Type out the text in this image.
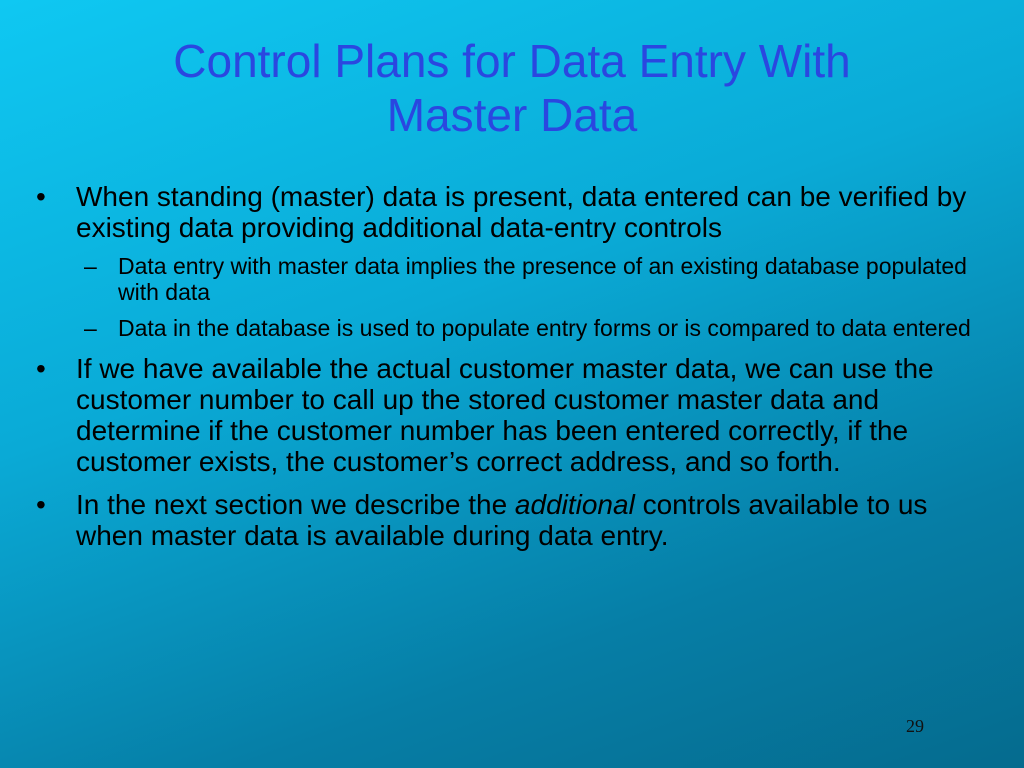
Control Plans for Data Entry With
Master Data
•	When standing (master) data is present, data entered can be verified by existing data providing additional data-entry controls
– Data entry with master data implies the presence of an existing database populated with data
– Data in the database is used to populate entry forms or is compared to data entered
•	If we have available the actual customer master data, we can use the customer number to call up the stored customer master data and determine if the customer number has been entered correctly, if the customer exists, the customer’s correct address, and so forth.
•	In the next section we describe the additional controls available to us when master data is available during data entry.
29
